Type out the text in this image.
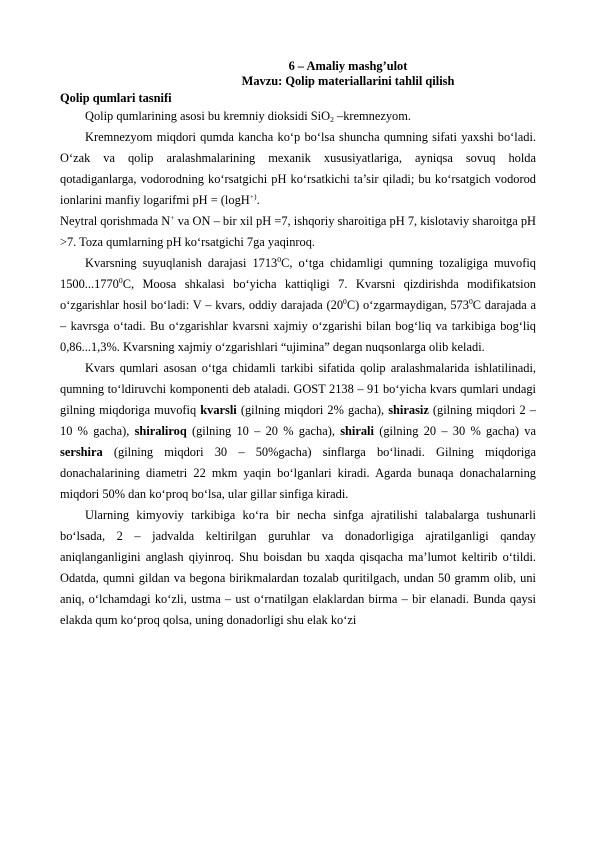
6 – Amaliy mashg’ulot
Mavzu: Qolip materiallarini tahlil qilish

Qolip qumlari tasnifi

Qolip qumlarining asosi bu kremniy dioksidi SiO$_2$ –kremnezyom.

Kremnezyom miqdori qumda kancha ko‘p bo‘lsa shuncha qumning sifati yaxshi bo‘ladi. O‘zak va qolip aralashmalarining mexanik xususiyatlariga, ayniqsa sovuq holda qotadiganlarga, vodorodning ko‘rsatgichi pH ko‘rsatkichi ta’sir qiladi; bu ko‘rsatgich vodorod ionlarini manfiy logarifmi pH = (logH+).

Neytral qorishmada N+ va ON – bir xil pH =7, ishqoriy sharoitiga pH 7, kislotaviy sharoitga pH >7. Toza qumlarning pH ko‘rsatgichi 7ga yaqinroq.

Kvarsning suyuqlanish darajasi 1713$^0$C, o‘tga chidamligi qumning tozaligiga muvofiq 1500...1770$^0$C, Moosa shkalasi bo‘yicha kattiqligi 7. Kvarsni qizdirishda modifikatsion o‘zgarishlar hosil bo‘ladi: V – kvars, oddiy darajada $(20^0C)$ o‘zgarmaydigan, $573^0C$ darajada a – kavrsga o‘tadi. Bu o‘zgarishlar kvarsni xajmiy o‘zgarishi bilan bog‘liq va tarkibiga bog‘liq 0,86...1,3%. Kvarsning xajmiy o‘zgarishlari “ujimina” degan nuqsonlarga olib keladi.

Kvars qumlari asosan o‘tga chidamli tarkibi sifatida qolip aralashmalarida ishlatilinadi, qumning to‘ldiruvchi komponenti deb ataladi. GOST 2138 – 91 bo‘yicha kvars qumlari undagi gilning miqdoriga muvofiq kvarsli (gilning miqdori 2% gacha), shirasiz (gilning miqdori 2 – 10 % gacha), shiraliroq (gilning 10 – 20 % gacha), shirali (gilning 20 – 30 % gacha) va sershira (gilning miqdori 30 – 50%gacha) sinflarga bo‘linadi. Gilning miqdoriga donachalarining diametri 22 mkm yaqin bo‘lganlari kiradi. Agarda bunaqa donachalarning miqdori 50% dan ko‘proq bo‘lsa, ular gillar sinfiga kiradi.

Ularning kimyoviy tarkibiga ko‘ra bir necha sinfga ajratilishi talabalarga tushunarli bo‘lsada, 2 – jadvalda keltirilgan guruhlar va donadorligiga ajratilganligi qanday aniqlanganligini anglash qiyinroq. Shu boisdan bu xaqda qisqacha ma’lumot keltirib o‘tildi. Odatda, qumni gildan va begona birikmalardan tozalab quritilgach, undan 50 gramm olib, uni aniq, o‘lchamdagi ko‘zli, ustma – ust o‘rnatilgan elaklardan birma – bir elanadi. Bunda qaysi elakda qum ko‘proq qolsa, uning donadorligi shu elak ko‘zi
